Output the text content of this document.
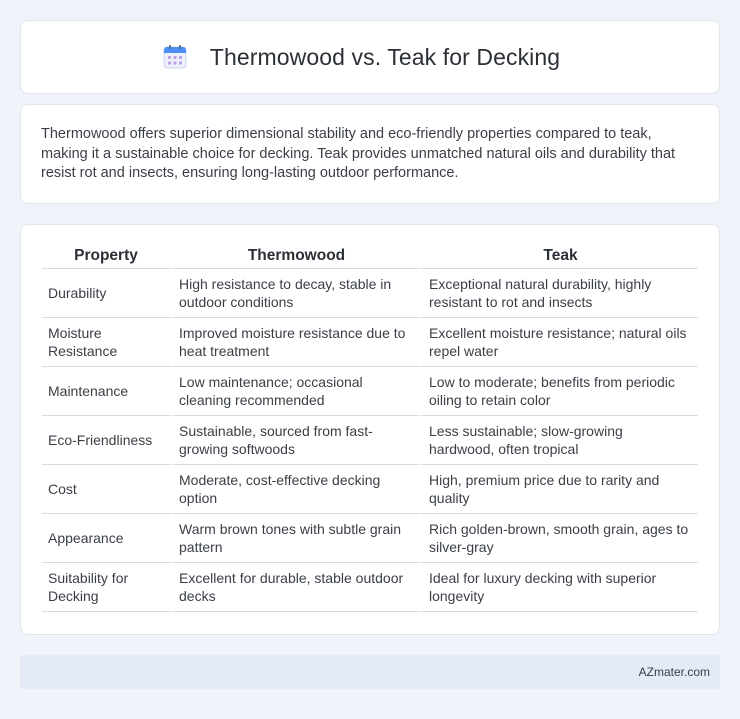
Thermowood vs. Teak for Decking

Thermowood offers superior dimensional stability and eco-friendly properties compared to teak, making it a sustainable choice for decking. Teak provides unmatched natural oils and durability that resist rot and insects, ensuring long-lasting outdoor performance.

Property	Thermowood	Teak
Durability	High resistance to decay, stable in outdoor conditions	Exceptional natural durability, highly resistant to rot and insects
Moisture Resistance	Improved moisture resistance due to heat treatment	Excellent moisture resistance; natural oils repel water
Maintenance	Low maintenance; occasional cleaning recommended	Low to moderate; benefits from periodic oiling to retain color
Eco-Friendliness	Sustainable, sourced from fast-growing softwoods	Less sustainable; slow-growing hardwood, often tropical
Cost	Moderate, cost-effective decking option	High, premium price due to rarity and quality
Appearance	Warm brown tones with subtle grain pattern	Rich golden-brown, smooth grain, ages to silver-gray
Suitability for Decking	Excellent for durable, stable outdoor decks	Ideal for luxury decking with superior longevity
AZmater.com
